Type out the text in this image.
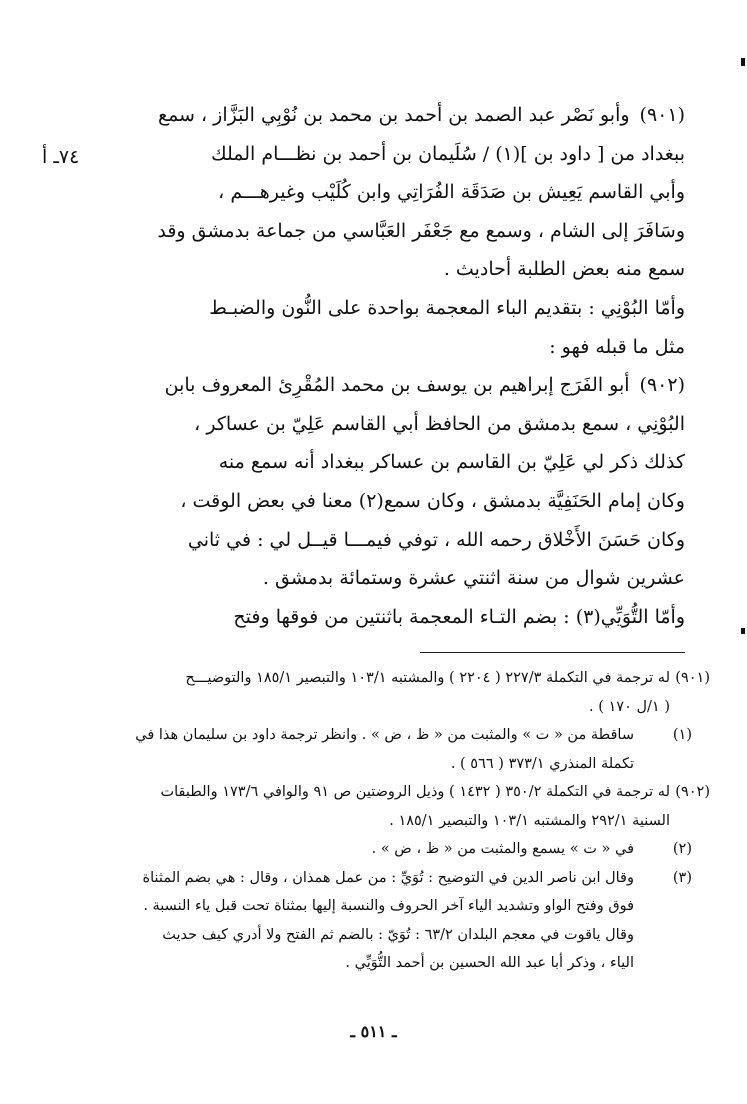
٧٤ـ أ
(٩٠١)
وأبو نَصْر عبد الصمد بن أحمد بن محمد بن نُوْبِي البَزَّاز ، سمع

ببغداد من [ داود بن ](١) / سُلَيمان بن أحمد بن نظـــام الملك

وأبي القاسم يَعِيش بن صَدَقَة الفُرَاتِي وابن كُلَيْب وغيرهـــم ،

وسَافَرَ إلى الشام ، وسمع مع جَعْفَر العَبَّاسي من جماعة بدمشق وقد

سمع منه بعض الطلبة أحاديث .

وأمّا البُوْنِي : بتقديم الباء المعجمة بواحدة على النُّون والضبـط

مثل ما قبله فهو :

(٩٠٢)
أبو الفَرَج إبراهيم بن يوسف بن محمد المُقْرِئ المعروف بابن

البُوْنِي ، سمع بدمشق من الحافظ أبي القاسم عَلِيّ بن عساكر ،

كذلك ذكر لي عَلِيّ بن القاسم بن عساكر ببغداد أنه سمع منه

وكان إمام الحَنَفِيَّة بدمشق ، وكان سمع(٢) معنا في بعض الوقت ،

وكان حَسَنَ الأَخْلاق رحمه الله ، توفي فيمـــا قيــل لي : في ثاني

عشرين شوال من سنة اثنتي عشرة وستمائة بدمشق .

وأمّا التُّوَيِّي(٣) : بضم التـاء المعجمة باثنتين من فوقها وفتح

(٩٠١)
له ترجمة في التكملة ٢٢٧/٣ ( ٢٢٠٤ ) والمشتبه ١٠٣/١ والتبصير ١٨٥/١ والتوضيـــح
( ١/ل ١٧٠ ) .
(١)
ساقطة من « ت » والمثبت من « ظ ، ض » . وانظر ترجمة داود بن سليمان هذا في
تكملة المنذري ٣٧٣/١ ( ٥٦٦ ) .
(٩٠٢)
له ترجمة في التكملة ٣٥٠/٢ ( ١٤٣٢ ) وذيل الروضتين ص ٩١ والوافي ١٧٣/٦ والطبقات
السنية ٢٩٢/١ والمشتبه ١٠٣/١ والتبصير ١٨٥/١ .
(٢)
في « ت » يسمع والمثبت من « ظ ، ض » .
(٣)
وقال ابن ناصر الدين في التوضيح : تُوَيِّ : من عمل همذان ، وقال : هي بضم المثناة
فوق وفتح الواو وتشديد الياء آخر الحروف والنسبة إليها بمثناة تحت قبل ياء النسبة .
وقال ياقوت في معجم البلدان ٦٣/٢ : تُوَيّ : بالضم ثم الفتح ولا أدري كيف حديث
الياء ، وذكر أبا عبد الله الحسين بن أحمد التُّوَيِّي .
ـ ٥١١ ـ
